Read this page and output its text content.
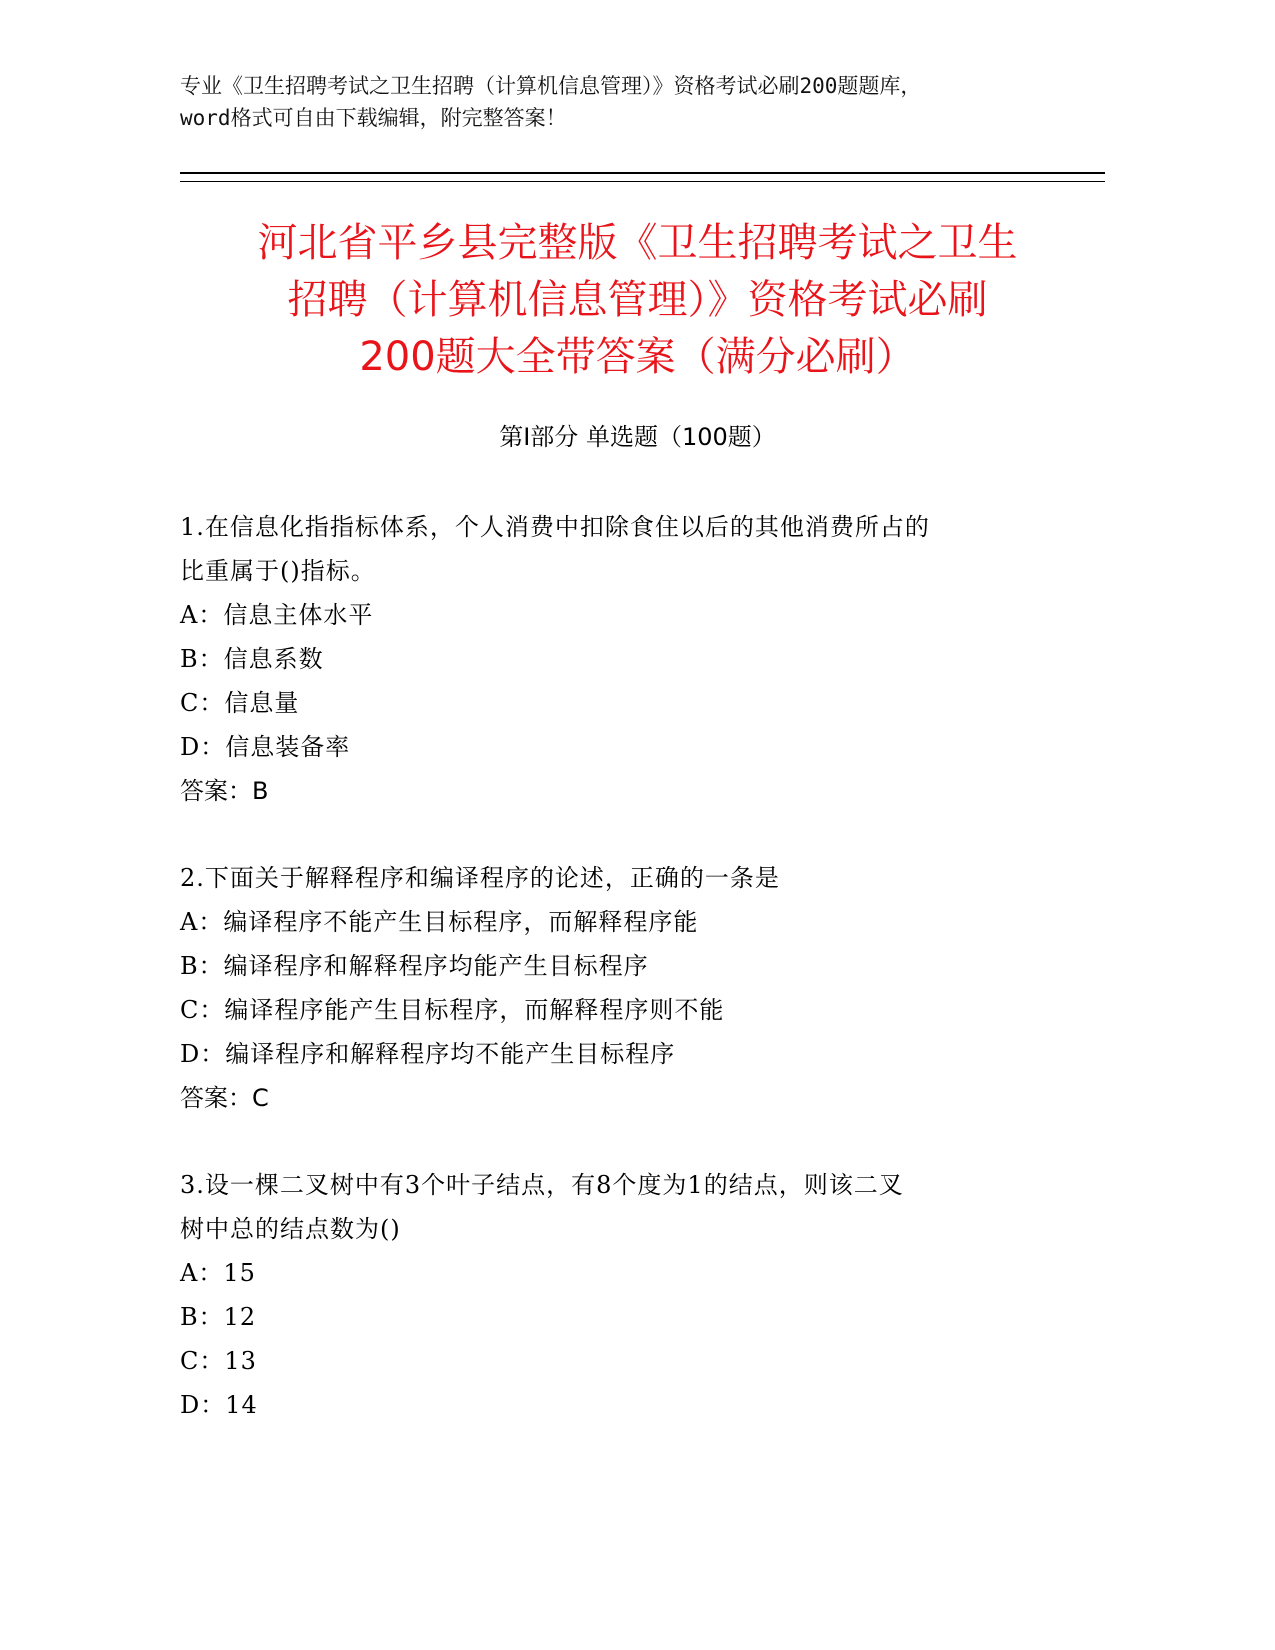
专业《卫生招聘考试之卫生招聘（计算机信息管理）》资格考试必刷200题题库，
word格式可自由下载编辑，附完整答案！
河北省平乡县完整版《卫生招聘考试之卫生
招聘（计算机信息管理）》资格考试必刷
200题大全带答案（满分必刷）
第Ⅰ部分 单选题（100题）
1.在信息化指指标体系，个人消费中扣除食住以后的其他消费所占的
比重属于()指标。
A：信息主体水平
B：信息系数
C：信息量
D：信息装备率
答案：B
2.下面关于解释程序和编译程序的论述，正确的一条是
A：编译程序不能产生目标程序，而解释程序能
B：编译程序和解释程序均能产生目标程序
C：编译程序能产生目标程序，而解释程序则不能
D：编译程序和解释程序均不能产生目标程序
答案：C
3.设一棵二叉树中有3个叶子结点，有8个度为1的结点，则该二叉
树中总的结点数为()
A：15
B：12
C：13
D：14
